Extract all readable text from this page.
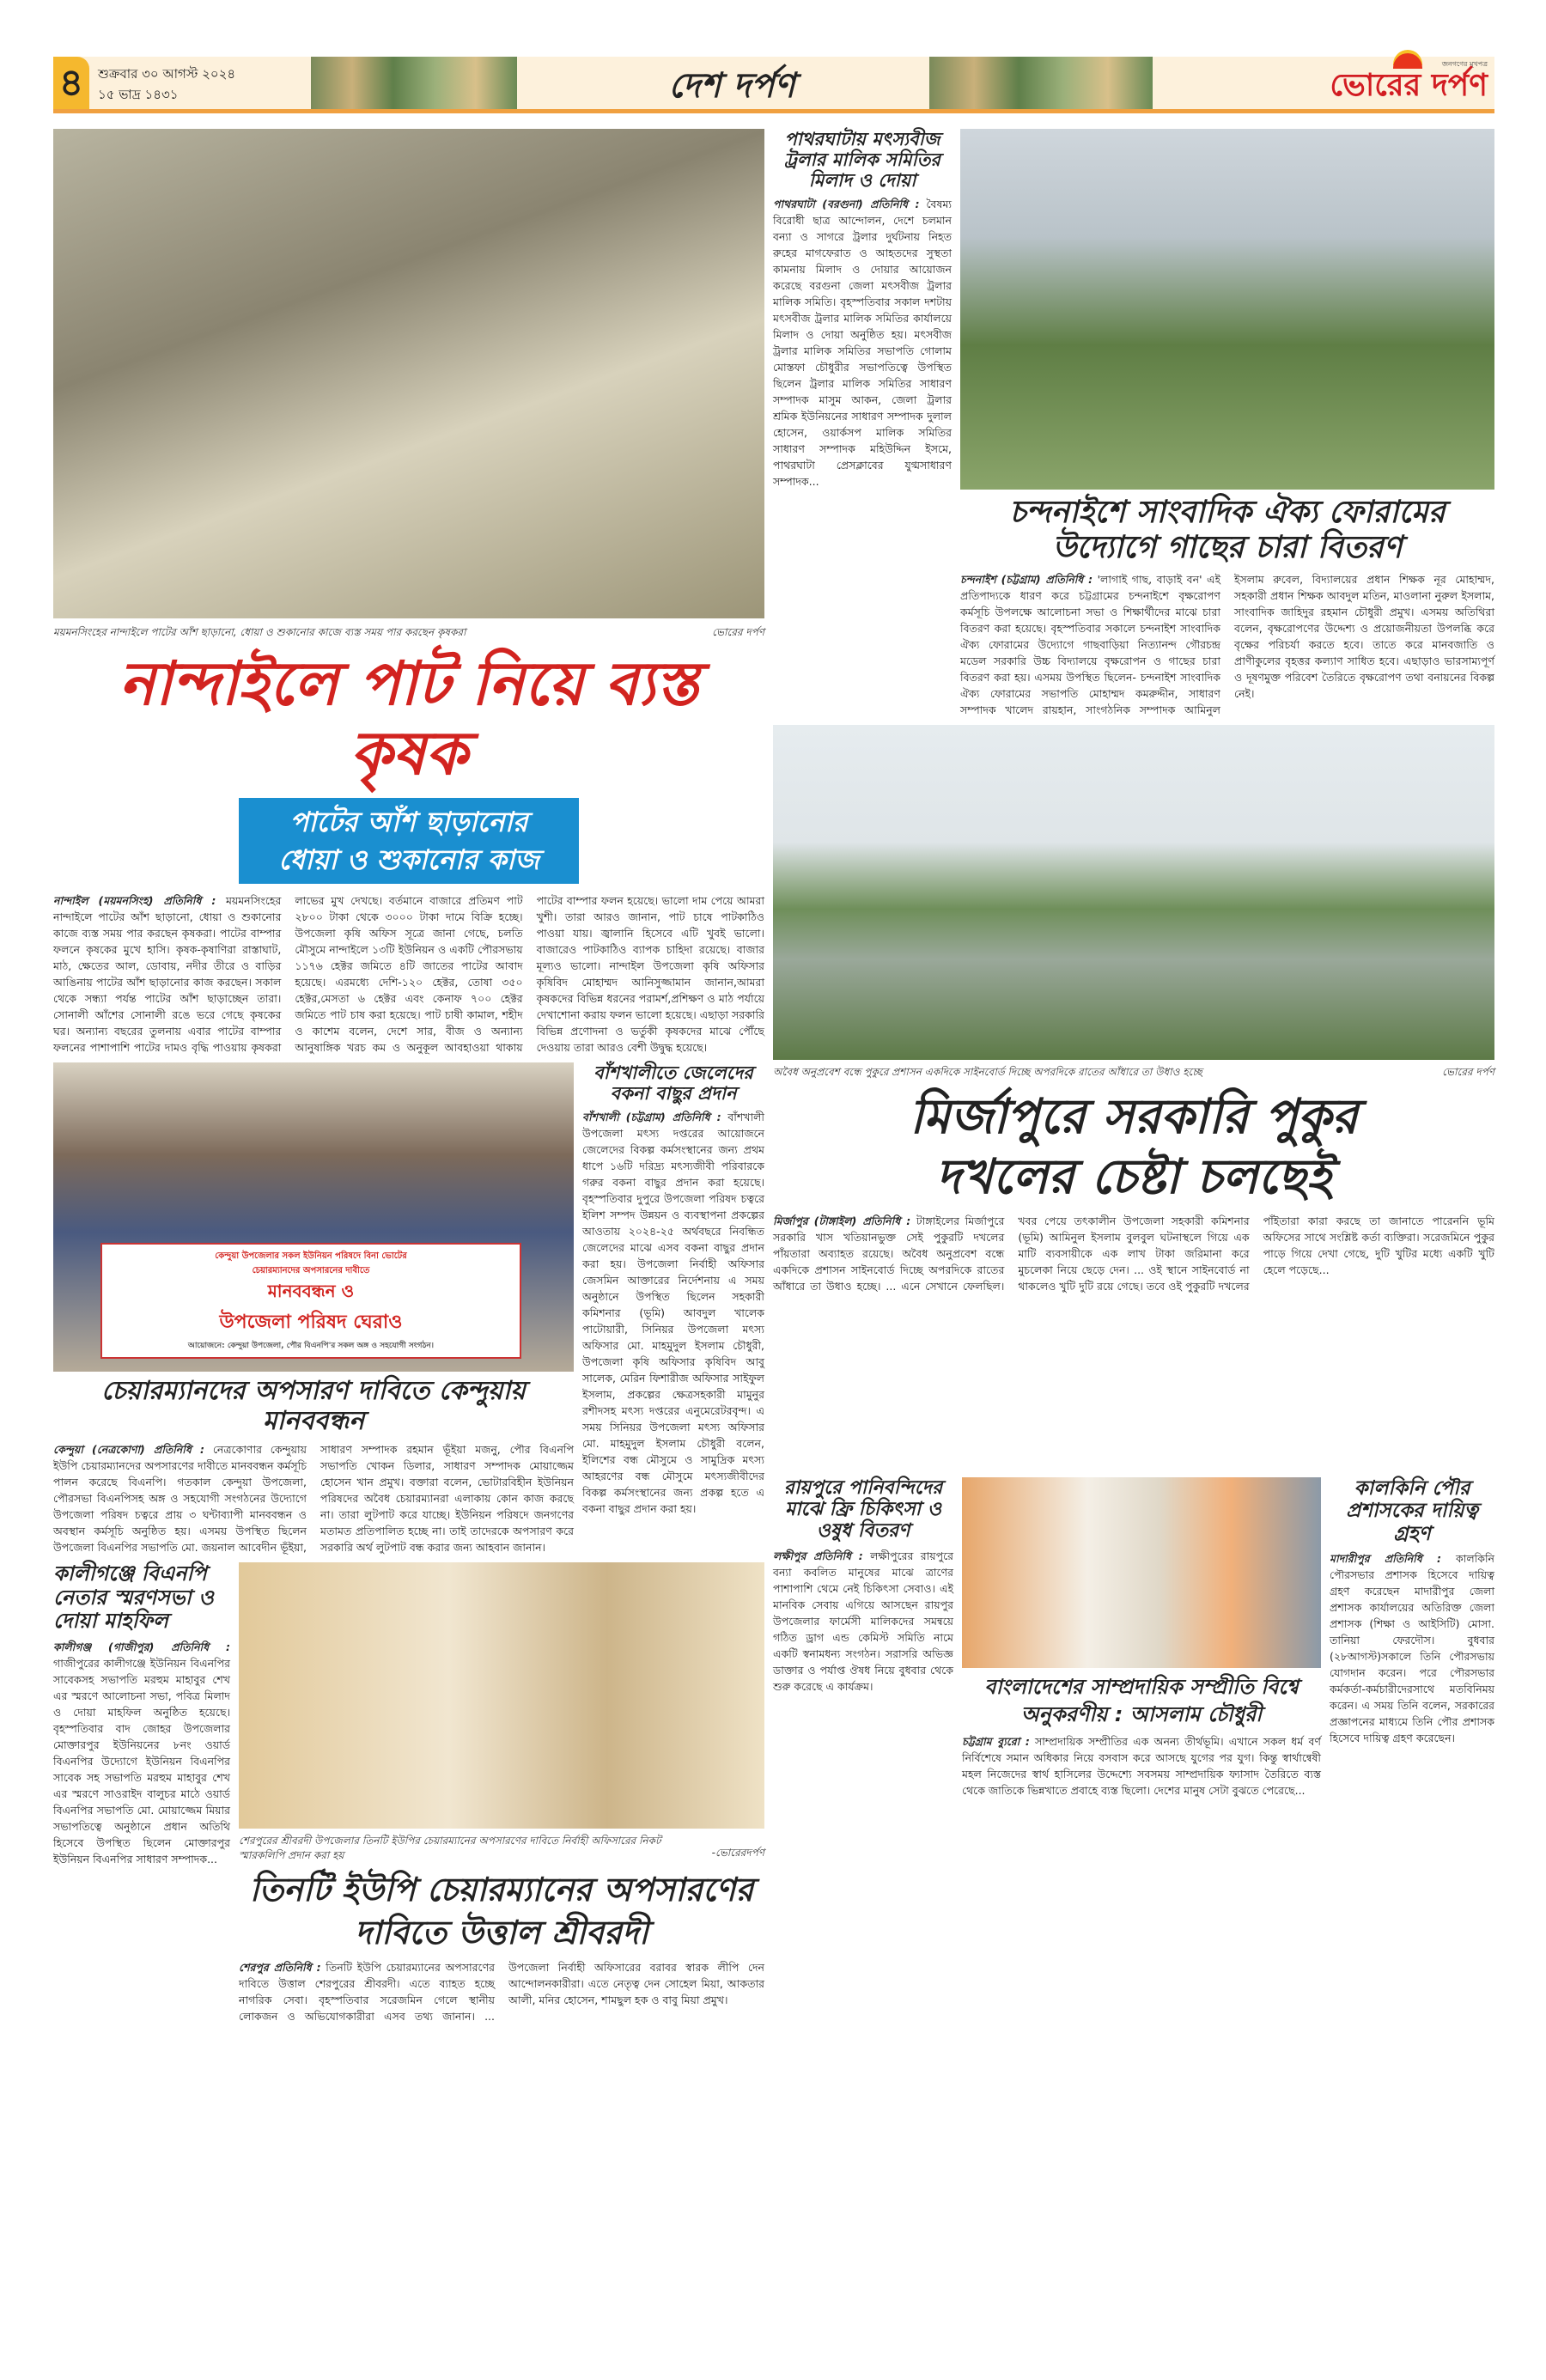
৪	শুক্রবার ৩০ আগস্ট ২০২৪
১৫ ভাদ্র ১৪৩১	দেশ দর্পণ
জনগণের মুখপত্র
ভোরের দর্পণ
ময়মনসিংহের নান্দাইলে পাটের আঁশ ছাড়ানো, ধোয়া ও শুকানোর কাজে ব্যস্ত সময় পার করছেন কৃষকরা	ভোরের দর্পণ
নান্দাইলে পাট নিয়ে ব্যস্ত কৃষক
পাটের আঁশ ছাড়ানোর
ধোয়া ও শুকানোর কাজ
নান্দাইল (ময়মনসিংহ) প্রতিনিধি : ময়মনসিংহের নান্দাইলে পাটের আঁশ ছাড়ানো, ধোয়া ও শুকানোর কাজে ব্যস্ত সময় পার করছেন কৃষকরা। পাটের বাম্পার ফলনে কৃষকের মুখে হাসি। কৃষক-কৃষাণিরা রাস্তাঘাট, মাঠ, ক্ষেতের আল, ডোবায়, নদীর তীরে ও বাড়ির আঙিনায় পাটের আঁশ ছাড়ানোর কাজ করছেন। সকাল থেকে সন্ধ্যা পর্যন্ত পাটের আঁশ ছাড়াচ্ছেন তারা। সোনালী আঁশের সোনালী রঙে ভরে গেছে কৃষকের ঘর। অন্যান্য বছরের তুলনায় এবার পাটের বাম্পার ফলনের পাশাপাশি পাটের দামও বৃদ্ধি পাওয়ায় কৃষকরা লাভের মুখ দেখছে। বর্তমানে বাজারে প্রতিমণ পাট ২৮০০ টাকা থেকে ৩০০০ টাকা দামে বিক্রি হচ্ছে। উপজেলা কৃষি অফিস সূত্রে জানা গেছে, চলতি মৌসুমে নান্দাইলে ১৩টি ইউনিয়ন ও একটি পৌরসভায় ১১৭৬ হেক্টর জমিতে ৪টি জাতের পাটের আবাদ হয়েছে। এরমধ্যে দেশি-১২০ হেক্টর, তোষা ৩৫০ হেক্টর,মেসতা ৬ হেক্টর এবং কেনাফ ৭০০ হেক্টর জমিতে পাট চাষ করা হয়েছে। পাট চাষী কামাল, শহীদ ও কাশেম বলেন, দেশে সার, বীজ ও অন্যান্য আনুষাঙ্গিক খরচ কম ও অনুকূল আবহাওয়া থাকায় পাটের বাম্পার ফলন হয়েছে। ভালো দাম পেয়ে আমরা খুশী। তারা আরও জানান, পাট চাষে পাটকাঠিও পাওয়া যায়। জ্বালানি হিসেবে এটি খুবই ভালো। বাজারেও পাটকাঠিও ব্যাপক চাহিদা রয়েছে। বাজার মূল্যও ভালো। নান্দাইল উপজেলা কৃষি অফিসার কৃষিবিদ মোহাম্মদ আনিসুজ্জামান জানান,আমরা কৃষকদের বিভিন্ন ধরনের পরামর্শ,প্রশিক্ষণ ও মাঠ পর্যায়ে দেখাশোনা করায় ফলন ভালো হয়েছে। এছাড়া সরকারি বিভিন্ন প্রণোদনা ও ভর্তুকী কৃষকদের মাঝে পৌঁছে দেওয়ায় তারা আরও বেশী উদ্বুদ্ধ হয়েছে।
কেন্দুয়া উপজেলার সকল ইউনিয়ন পরিষদে বিনা ভোটের
চেয়ারম্যানদের অপসারনের দাবীতে
মানববন্ধন ও
উপজেলা পরিষদ ঘেরাও
আয়োজনে: কেন্দুয়া উপজেলা, পৌর বিএনপি'র সকল অঙ্গ ও সহযোগী সংগঠন।
চেয়ারম্যানদের অপসারণ দাবিতে কেন্দুয়ায় মানববন্ধন
কেন্দুয়া (নেত্রকোণা) প্রতিনিধি : নেত্রকোণার কেন্দুয়ায় ইউপি চেয়ারম্যানদের অপসারণের দাবীতে মানববন্ধন কর্মসূচি পালন করেছে বিএনপি। গতকাল কেন্দুয়া উপজেলা, পৌরসভা বিএনপিসহ অঙ্গ ও সহযোগী সংগঠনের উদ্যোগে উপজেলা পরিষদ চত্বরে প্রায় ৩ ঘন্টাব্যাপী মানববন্ধন ও অবস্থান কর্মসূচি অনুষ্ঠিত হয়। এসময় উপস্থিত ছিলেন উপজেলা বিএনপির সভাপতি মো. জয়নাল আবেদীন ভূঁইয়া, সাধারণ সম্পাদক রহমান ভূঁইয়া মজনু, পৌর বিএনপি সভাপতি খোকন ডিলার, সাধারণ সম্পাদক মোয়াজ্জেম হোসেন খান প্রমুখ। বক্তারা বলেন, ভোটারবিহীন ইউনিয়ন পরিষদের অবৈধ চেয়ারম্যানরা এলাকায় কোন কাজ করছে না। তারা লুটপাট করে যাচ্ছে। ইউনিয়ন পরিষদে জনগণের মতামত প্রতিপালিত হচ্ছে না। তাই তাদেরকে অপসারণ করে সরকারি অর্থ লুটপাট বন্ধ করার জন্য আহবান জানান।
বাঁশখালীতে জেলেদের বকনা বাছুর প্রদান
বাঁশখালী (চট্টগ্রাম) প্রতিনিধি : বাঁশখালী উপজেলা মৎস্য দপ্তরের আয়োজনে জেলেদের বিকল্প কর্মসংস্থানের জন্য প্রথম ধাপে ১৬টি দরিদ্র্য মৎস্যজীবী পরিবারকে গরুর বকনা বাছুর প্রদান করা হয়েছে। বৃহস্পতিবার দুপুরে উপজেলা পরিষদ চত্বরে ইলিশ সম্পদ উন্নয়ন ও ব্যবস্থাপনা প্রকল্পের আওতায় ২০২৪-২৫ অর্থবছরে নিবন্ধিত জেলেদের মাঝে এসব বকনা বাছুর প্রদান করা হয়। উপজেলা নির্বাহী অফিসার জেসমিন আক্তারের নির্দেশনায় এ সময় অনুষ্ঠানে উপস্থিত ছিলেন সহকারী কমিশনার (ভূমি) আবদুল খালেক পাটোয়ারী, সিনিয়র উপজেলা মৎস্য অফিসার মো. মাহমুদুল ইসলাম চৌধুরী, উপজেলা কৃষি অফিসার কৃষিবিদ আবু সালেক, মেরিন ফিশারীজ অফিসার সাইফুল ইসলাম, প্রকল্পের ক্ষেত্রসহকারী মামুনুর রশীদসহ মৎস্য দপ্তরের এনুমেরেটরবৃন্দ। এ সময় সিনিয়র উপজেলা মৎস্য অফিসার মো. মাহমুদুল ইসলাম চৌধুরী বলেন, ইলিশের বন্ধ মৌসুমে ও সামুদ্রিক মৎস্য আহরণের বন্ধ মৌসুমে মৎস্যজীবীদের বিকল্প কর্মসংস্থানের জন্য প্রকল্প হতে এ বকনা বাছুর প্রদান করা হয়।
কালীগঞ্জে বিএনপি নেতার স্মরণসভা ও দোয়া মাহফিল
কালীগঞ্জ (গাজীপুর) প্রতিনিধি : গাজীপুরের কালীগঞ্জে ইউনিয়ন বিএনপির সাবেকসহ সভাপতি মরহুম মাহাবুর শেখ এর স্মরণে আলোচনা সভা, পবিত্র মিলাদ ও দোয়া মাহফিল অনুষ্ঠিত হয়েছে। বৃহস্পতিবার বাদ জোহর উপজেলার মোক্তারপুর ইউনিয়নের ৮নং ওয়ার্ড বিএনপির উদ্যোগে ইউনিয়ন বিএনপির সাবেক সহ সভাপতি মরহুম মাহাবুর শেখ এর স্মরণে সাওরাইদ বালুচর মাঠে ওয়ার্ড বিএনপির সভাপতি মো. মোয়াজ্জেম মিয়ার সভাপতিত্বে অনুষ্ঠানে প্রধান অতিথি হিসেবে উপস্থিত ছিলেন মোক্তারপুর ইউনিয়ন বিএনপির সাধারণ সম্পাদক...
শেরপুরের শ্রীবরদী উপজেলার তিনটি ইউপির চেয়ারম্যানের অপসারণের দাবিতে নির্বাহী অফিসারের নিকট স্মারকলিপি প্রদান করা হয়	-ভোরেরদর্পণ
তিনটি ইউপি চেয়ারম্যানের অপসারণের
দাবিতে উত্তাল শ্রীবরদী
শেরপুর প্রতিনিধি : তিনটি ইউপি চেয়ারম্যানের অপসারণের দাবিতে উত্তাল শেরপুরের শ্রীবরদী। এতে ব্যাহত হচ্ছে নাগরিক সেবা। বৃহস্পতিবার সরেজমিন গেলে স্থানীয় লোকজন ও অভিযোগকারীরা এসব তথ্য জানান। ... উপজেলা নির্বাহী অফিসারের বরাবর স্বারক লীপি দেন আন্দোলনকারীরা। এতে নেতৃত্ব দেন সোহেল মিয়া, আকতার আলী, মনির হোসেন, শামছুল হক ও বাবু মিয়া প্রমুখ।
পাথরঘাটায় মৎস্যবীজ ট্রলার মালিক সমিতির মিলাদ ও দোয়া
পাথরঘাটা (বরগুনা) প্রতিনিধি : বৈষম্য বিরোধী ছাত্র আন্দোলন, দেশে চলমান বন্যা ও সাগরে ট্রলার দুর্ঘটনায় নিহত রুহের মাগফেরাত ও আহতদের সুস্থতা কামনায় মিলাদ ও দোয়ার আয়োজন করেছে বরগুনা জেলা মৎসবীজ ট্রলার মালিক সমিতি। বৃহস্পতিবার সকাল দশটায় মৎসবীজ ট্রলার মালিক সমিতির কার্যালয়ে মিলাদ ও দোয়া অনুষ্ঠিত হয়। মৎসবীজ ট্রলার মালিক সমিতির সভাপতি গোলাম মোস্তফা চৌধুরীর সভাপতিত্বে উপস্থিত ছিলেন ট্রলার মালিক সমিতির সাধারণ সম্পাদক মাসুম আকন, জেলা ট্রলার শ্রমিক ইউনিয়নের সাধারণ সম্পাদক দুলাল হোসেন, ওয়ার্কসপ মালিক সমিতির সাধারণ সম্পাদক মহিউদ্দিন ইসমে, পাথরঘাটা প্রেসক্লাবের যুগ্মসাধারণ সম্পাদক...
চন্দনাইশে সাংবাদিক ঐক্য ফোরামের উদ্যোগে গাছের চারা বিতরণ
চন্দনাইশ (চট্টগ্রাম) প্রতিনিধি : 'লাগাই গাছ, বাড়াই বন' এই প্রতিপাদ্যকে ধারণ করে চট্টগ্রামের চন্দনাইশে বৃক্ষরোপণ কর্মসূচি উপলক্ষে আলোচনা সভা ও শিক্ষার্থীদের মাঝে চারা বিতরণ করা হয়েছে। বৃহস্পতিবার সকালে চন্দনাইশ সাংবাদিক ঐক্য ফোরামের উদ্যোগে গাছবাড়িয়া নিত্যানন্দ গৌরচন্দ্র মডেল সরকারি উচ্চ বিদ্যালয়ে বৃক্ষরোপন ও গাছের চারা বিতরণ করা হয়। এসময় উপস্থিত ছিলেন- চন্দনাইশ সাংবাদিক ঐক্য ফোরামের সভাপতি মোহাম্মদ কমরুদ্দীন, সাধারণ সম্পাদক খালেদ রায়হান, সাংগঠনিক সম্পাদক আমিনুল ইসলাম রুবেল, বিদ্যালয়ের প্রধান শিক্ষক নূর মোহাম্মদ, সহকারী প্রধান শিক্ষক আবদুল মতিন, মাওলানা নুরুল ইসলাম, সাংবাদিক জাহিদুর রহমান চৌধুরী প্রমুখ। এসময় অতিথিরা বলেন, বৃক্ষরোপণের উদ্দেশ্য ও প্রয়োজনীয়তা উপলব্ধি করে বৃক্ষের পরিচর্যা করতে হবে। তাতে করে মানবজাতি ও প্রাণীকুলের বৃহত্তর কল্যাণ সাধিত হবে। এছাড়াও ভারসাম্যপূর্ণ ও দূষণমুক্ত পরিবেশ তৈরিতে বৃক্ষরোপণ তথা বনায়নের বিকল্প নেই।
অবৈধ অনুপ্রবেশ বন্ধে পুকুরে প্রশাসন একদিকে সাইনবোর্ড দিচ্ছে অপরদিকে রাতের আঁধারে তা উধাও হচ্ছে	ভোরের দর্পণ
মির্জাপুরে সরকারি পুকুর
দখলের চেষ্টা চলছেই
মির্জাপুর (টাঙ্গাইল) প্রতিনিধি : টাঙ্গাইলের মির্জাপুরে সরকারি খাস খতিয়ানভুক্ত সেই পুকুরটি দখলের পাঁয়তারা অব্যাহত রয়েছে। অবৈধ অনুপ্রবেশ বন্ধে একদিকে প্রশাসন সাইনবোর্ড দিচ্ছে অপরদিকে রাতের আঁধারে তা উধাও হচ্ছে। ... এনে সেখানে ফেলছিল। খবর পেয়ে তৎকালীন উপজেলা সহকারী কমিশনার (ভূমি) আমিনুল ইসলাম বুলবুল ঘটনাস্থলে গিয়ে এক মাটি ব্যবসায়ীকে এক লাখ টাকা জরিমানা করে মুচলেকা নিয়ে ছেড়ে দেন। ... ওই স্থানে সাইনবোর্ড না থাকলেও খুটি দুটি রয়ে গেছে। তবে ওই পুকুরটি দখলের পাঁইতারা কারা করছে তা জানাতে পারেননি ভূমি অফিসের সাথে সংশ্লিষ্ট কর্তা ব্যক্তিরা। সরেজমিনে পুকুর পাড়ে গিয়ে দেখা গেছে, দুটি খুটির মধ্যে একটি খুটি হেলে পড়েছে...
রায়পুরে পানিবন্দিদের মাঝে ফ্রি চিকিৎসা ও ওষুধ বিতরণ
লক্ষীপুর প্রতিনিধি : লক্ষীপুরের রায়পুরে বন্যা কবলিত মানুষের মাঝে ত্রাণের পাশাপাশি থেমে নেই চিকিৎসা সেবাও। এই মানবিক সেবায় এগিয়ে আসছেন রায়পুর উপজেলার ফার্মেসী মালিকদের সমন্বয়ে গঠিত ড্রাগ এন্ড কেমিস্ট সমিতি নামে একটি স্বনামধন্য সংগঠন। সরাসরি অভিজ্ঞ ডাক্তার ও পর্যাপ্ত ঔষধ নিয়ে বুধবার থেকে শুরু করেছে এ কার্যক্রম।	বাংলাদেশের সাম্প্রদায়িক সম্প্রীতি বিশ্বে
অনুকরণীয় : আসলাম চৌধুরী
চট্টগ্রাম ব্যুরো : সাম্প্রদায়িক সম্প্রীতির এক অনন্য তীর্থভূমি। এখানে সকল ধর্ম বর্ণ নির্বিশেষে সমান অধিকার নিয়ে বসবাস করে আসছে যুগের পর যুগ। কিন্তু স্বার্থান্বেষী মহল নিজেদের স্বার্থ হাসিলের উদ্দেশ্যে সবসময় সাম্প্রদায়িক ফ্যাসাদ তৈরিতে ব্যস্ত থেকে জাতিকে ভিন্নখাতে প্রবাহে ব্যস্ত ছিলো। দেশের মানুষ সেটা বুঝতে পেরেছে...
কালকিনি পৌর প্রশাসকের দায়িত্ব গ্রহণ
মাদারীপুর প্রতিনিধি : কালকিনি পৌরসভার প্রশাসক হিসেবে দায়িত্ব গ্রহণ করেছেন মাদারীপুর জেলা প্রশাসক কার্যালয়ের অতিরিক্ত জেলা প্রশাসক (শিক্ষা ও আইসিটি) মোসা. তানিয়া ফেরদৌস। বুধবার (২৮আগস্ট)সকালে তিনি পৌরসভায় যোগদান করেন। পরে পৌরসভার কর্মকর্তা-কর্মচারীদেরসাথে মতবিনিময় করেন। এ সময় তিনি বলেন, সরকারের প্রজ্ঞাপনের মাধ্যমে তিনি পৌর প্রশাসক হিসেবে দায়িত্ব গ্রহণ করেছেন।
